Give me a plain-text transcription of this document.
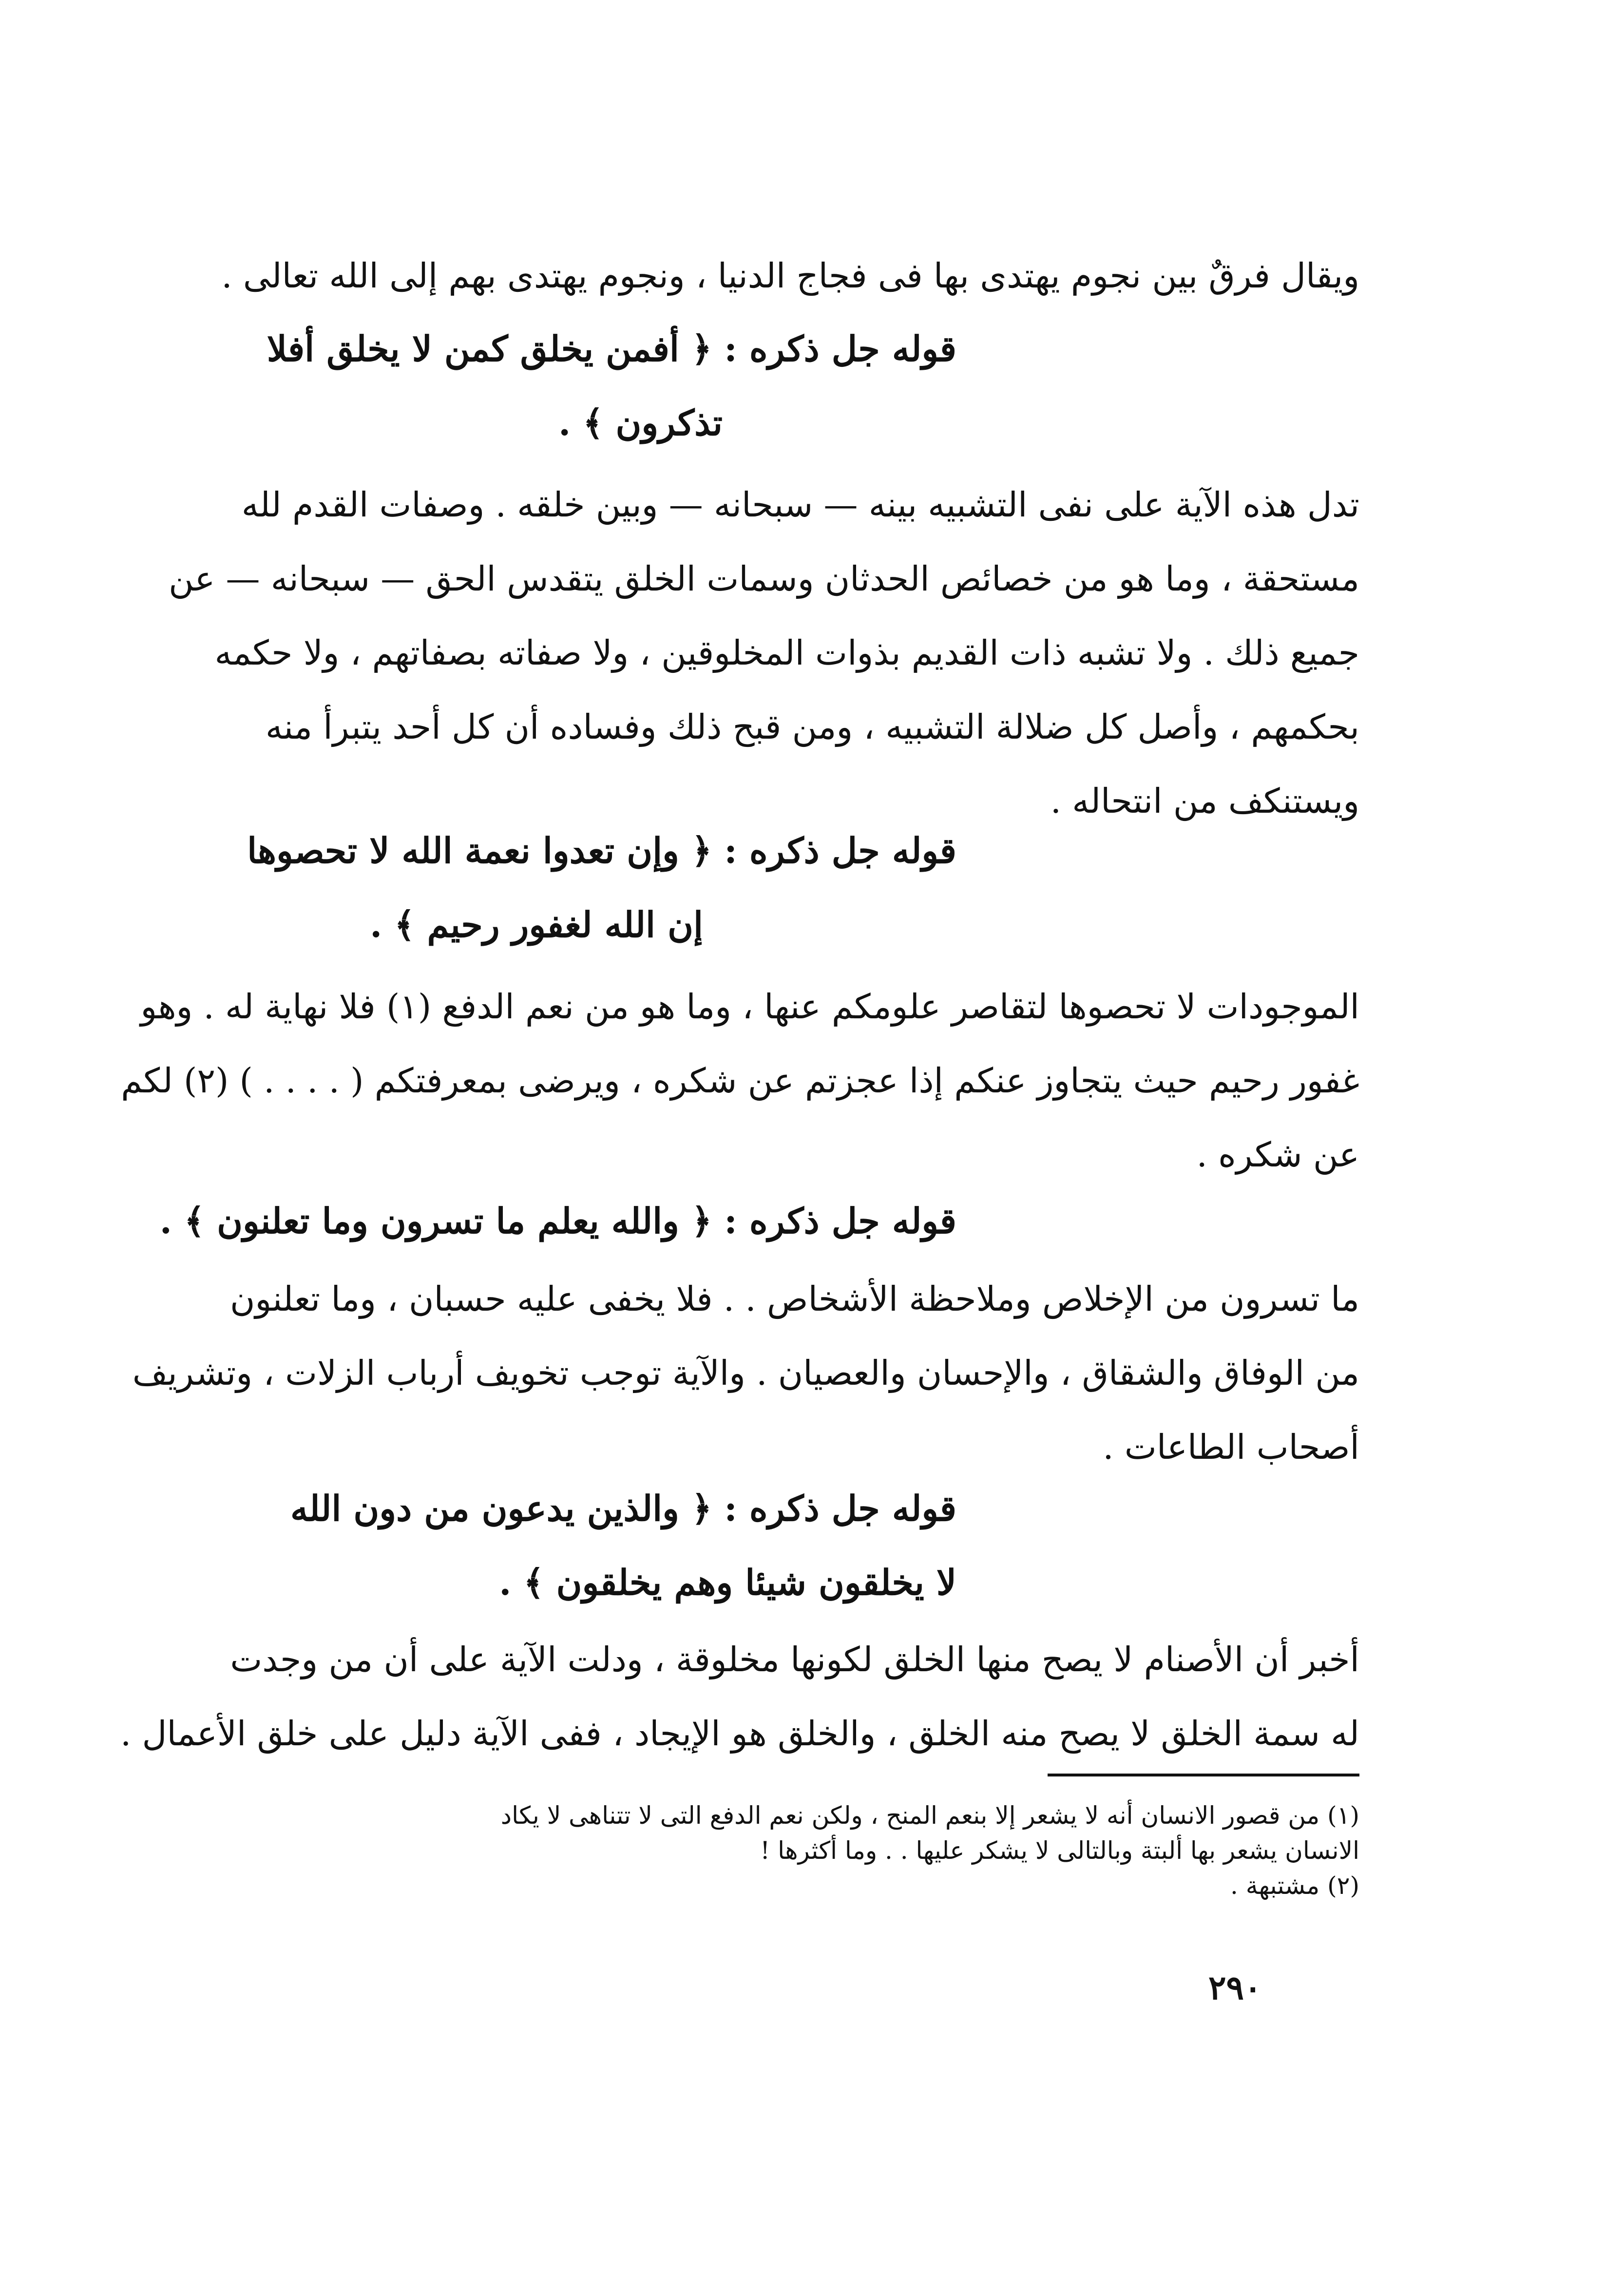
ويقال فرقٌ بين نجوم يهتدى بها فى فجاج الدنيا ، ونجوم يهتدى بهم إلى الله تعالى .
قوله جل ذكره : ﴿ أفمن يخلق كمن لا يخلق أفلا
تذكرون ﴾ .
تدل هذه الآية على نفى التشبيه بينه — سبحانه — وبين خلقه . وصفات القدم لله
مستحقة ، وما هو من خصائص الحدثان وسمات الخلق يتقدس الحق — سبحانه — عن
جميع ذلك . ولا تشبه ذات القديم بذوات المخلوقين ، ولا صفاته بصفاتهم ، ولا حكمه
بحكمهم ، وأصل كل ضلالة التشبيه ، ومن قبح ذلك وفساده أن كل أحد يتبرأ منه
ويستنكف من انتحاله .
قوله جل ذكره : ﴿ وإن تعدوا نعمة الله لا تحصوها
إن الله لغفور رحيم ﴾ .
الموجودات لا تحصوها لتقاصر علومكم عنها ، وما هو من نعم الدفع (١) فلا نهاية له . وهو
غفور رحيم حيث يتجاوز عنكم إذا عجزتم عن شكره ، ويرضى بمعرفتكم ( . . . . ) (٢) لكم
عن شكره .
قوله جل ذكره : ﴿ والله يعلم ما تسرون وما تعلنون ﴾ .
ما تسرون من الإخلاص وملاحظة الأشخاص . . فلا يخفى عليه حسبان ، وما تعلنون
من الوفاق والشقاق ، والإحسان والعصيان . والآية توجب تخويف أرباب الزلات ، وتشريف
أصحاب الطاعات .
قوله جل ذكره : ﴿ والذين يدعون من دون الله
لا يخلقون شيئا وهم يخلقون ﴾ .
أخبر أن الأصنام لا يصح منها الخلق لكونها مخلوقة ، ودلت الآية على أن من وجدت
له سمة الخلق لا يصح منه الخلق ، والخلق هو الإيجاد ، ففى الآية دليل على خلق الأعمال .
(١) من قصور الانسان أنه لا يشعر إلا بنعم المنح ، ولكن نعم الدفع التى لا تتناهى لا يكاد
الانسان يشعر بها ألبتة وبالتالى لا يشكر عليها . . وما أكثرها !
(٢) مشتبهة .
٢٩٠
